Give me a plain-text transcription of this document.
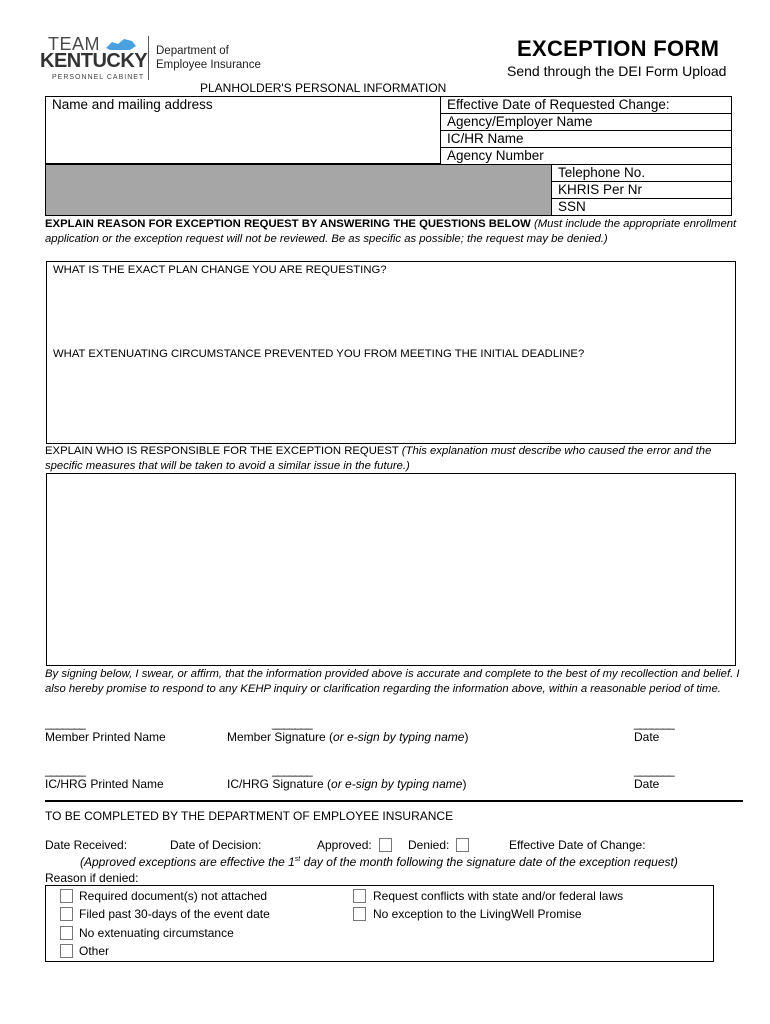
TEAM
KENTUCKY
PERSONNEL CABINET
Department of
Employee Insurance
EXCEPTION FORM
Send through the DEI Form Upload
PLANHOLDER'S PERSONAL INFORMATION
Name and mailing address	Effective Date of Requested Change:
Agency/Employer Name
IC/HR Name
Agency Number
Telephone No.
KHRIS Per Nr
SSN
EXPLAIN REASON FOR EXCEPTION REQUEST BY ANSWERING THE QUESTIONS BELOW (Must include the appropriate enrollment application or the exception request will not be reviewed. Be as specific as possible; the request may be denied.)
WHAT IS THE EXACT PLAN CHANGE YOU ARE REQUESTING?
WHAT EXTENUATING CIRCUMSTANCE PREVENTED YOU FROM MEETING THE INITIAL DEADLINE?
EXPLAIN WHO IS RESPONSIBLE FOR THE EXCEPTION REQUEST (This explanation must describe who caused the error and the specific measures that will be taken to avoid a similar issue in the future.)
By signing below, I swear, or affirm, that the information provided above is accurate and complete to the best of my recollection and belief. I also hereby promise to respond to any KEHP inquiry or clarification regarding the information above, within a reasonable period of time.
_______	_______	_______
Member Printed Name	Member Signature (or e-sign by typing name)	Date
_______	_______	_______
IC/HRG Printed Name	IC/HRG Signature (or e-sign by typing name)	Date
TO BE COMPLETED BY THE DEPARTMENT OF EMPLOYEE INSURANCE
Date Received:	Date of Decision:	Approved:	Denied:	Effective Date of Change:
(Approved exceptions are effective the 1st day of the month following the signature date of the exception request)
Reason if denied:
Required document(s) not attached
Filed past 30-days of the event date
No extenuating circumstance
Other
Request conflicts with state and/or federal laws
No exception to the LivingWell Promise
